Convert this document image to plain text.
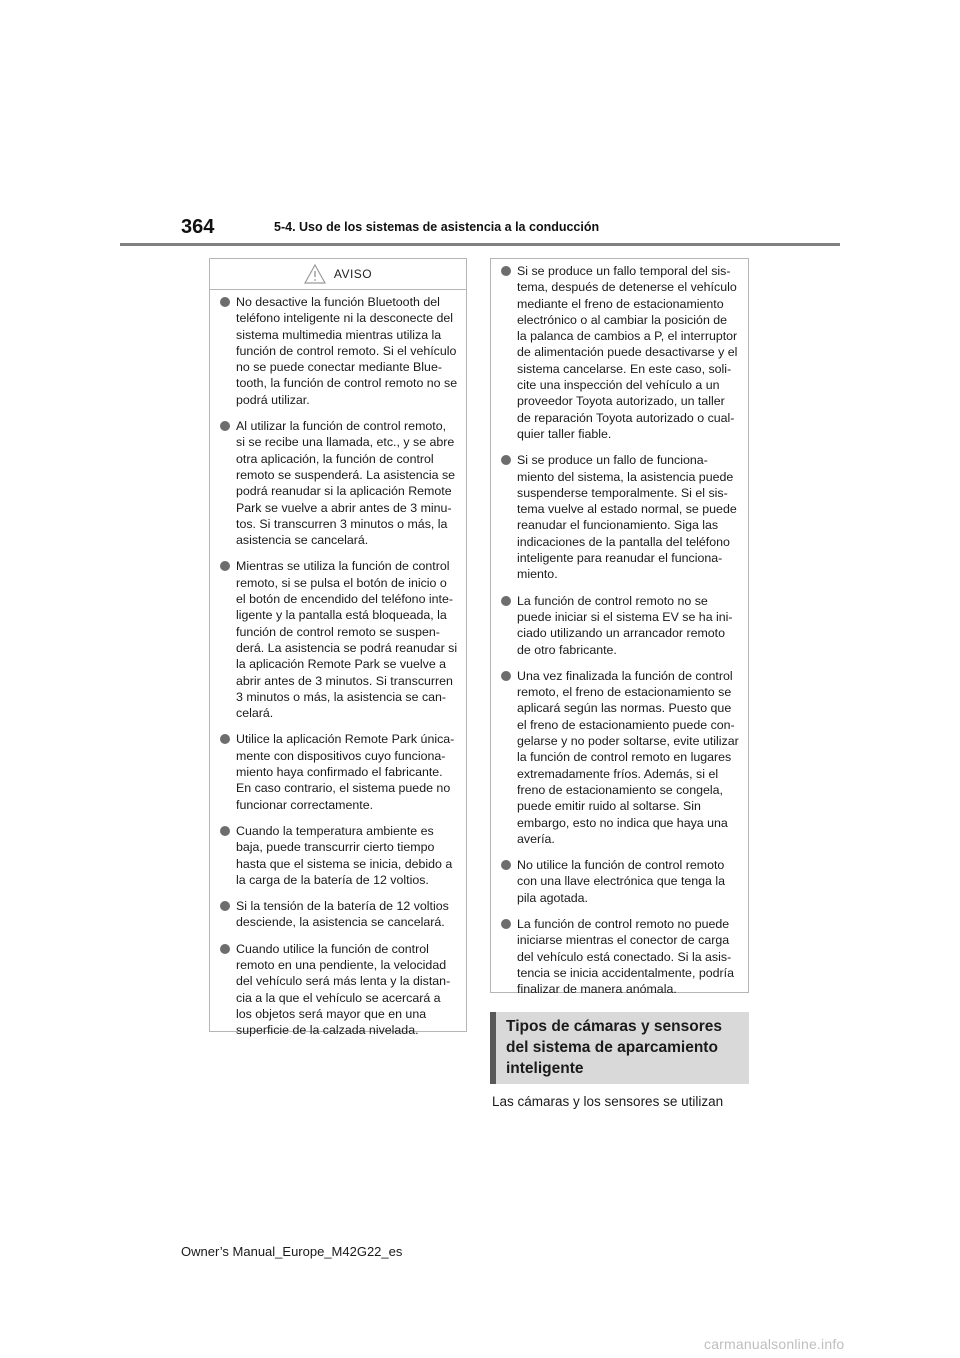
364	5-4. Uso de los sistemas de asistencia a la conducción
AVISO
No desactive la función Bluetooth del teléfono inteligente ni la desconecte del sistema multimedia mientras utiliza la función de control remoto. Si el vehículo no se puede conectar mediante Blue-tooth, la función de control remoto no se podrá utilizar.
Al utilizar la función de control remoto, si se recibe una llamada, etc., y se abre otra aplicación, la función de control remoto se suspenderá. La asistencia se podrá reanudar si la aplicación Remote Park se vuelve a abrir antes de 3 minu-tos. Si transcurren 3 minutos o más, la asistencia se cancelará.
Mientras se utiliza la función de control remoto, si se pulsa el botón de inicio o el botón de encendido del teléfono inte-ligente y la pantalla está bloqueada, la función de control remoto se suspen-derá. La asistencia se podrá reanudar si la aplicación Remote Park se vuelve a abrir antes de 3 minutos. Si transcurren 3 minutos o más, la asistencia se can-celará.
Utilice la aplicación Remote Park única-mente con dispositivos cuyo funciona-miento haya confirmado el fabricante. En caso contrario, el sistema puede no funcionar correctamente.
Cuando la temperatura ambiente es baja, puede transcurrir cierto tiempo hasta que el sistema se inicia, debido a la carga de la batería de 12 voltios.
Si la tensión de la batería de 12 voltios desciende, la asistencia se cancelará.
Cuando utilice la función de control remoto en una pendiente, la velocidad del vehículo será más lenta y la distan-cia a la que el vehículo se acercará a los objetos será mayor que en una superficie de la calzada nivelada.
Si se produce un fallo temporal del sis-tema, después de detenerse el vehículo mediante el freno de estacionamiento electrónico o al cambiar la posición de la palanca de cambios a P, el interruptor de alimentación puede desactivarse y el sistema cancelarse. En este caso, soli-cite una inspección del vehículo a un proveedor Toyota autorizado, un taller de reparación Toyota autorizado o cual-quier taller fiable.
Si se produce un fallo de funciona-miento del sistema, la asistencia puede suspenderse temporalmente. Si el sis-tema vuelve al estado normal, se puede reanudar el funcionamiento. Siga las indicaciones de la pantalla del teléfono inteligente para reanudar el funciona-miento.
La función de control remoto no se puede iniciar si el sistema EV se ha ini-ciado utilizando un arrancador remoto de otro fabricante.
Una vez finalizada la función de control remoto, el freno de estacionamiento se aplicará según las normas. Puesto que el freno de estacionamiento puede con-gelarse y no poder soltarse, evite utilizar la función de control remoto en lugares extremadamente fríos. Además, si el freno de estacionamiento se congela, puede emitir ruido al soltarse. Sin embargo, esto no indica que haya una avería.
No utilice la función de control remoto con una llave electrónica que tenga la pila agotada.
La función de control remoto no puede iniciarse mientras el conector de carga del vehículo está conectado. Si la asis-tencia se inicia accidentalmente, podría finalizar de manera anómala.
Tipos de cámaras y sensores del sistema de aparcamiento inteligente
Las cámaras y los sensores se utilizan
Owner’s Manual_Europe_M42G22_es
carmanualsonline.info
